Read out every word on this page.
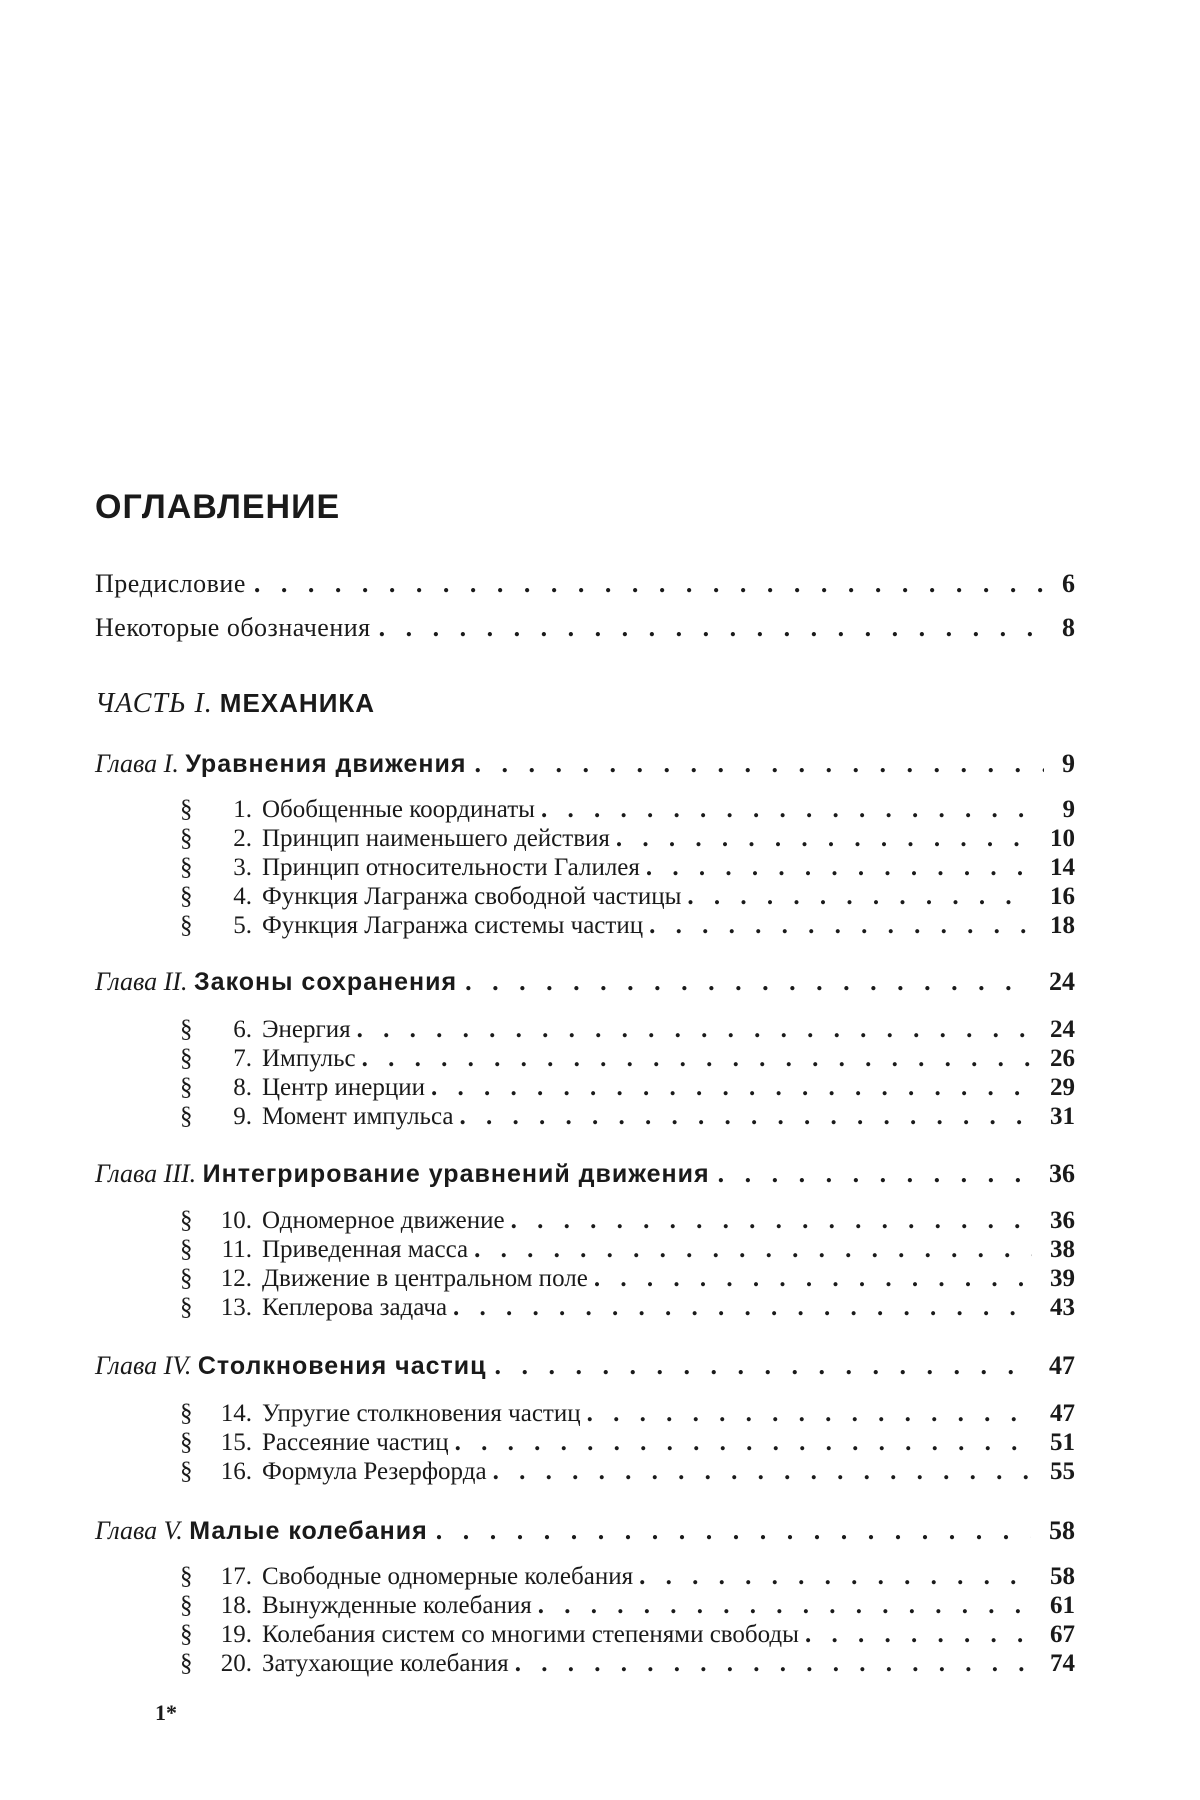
ОГЛАВЛЕНИЕ
Предисловие . . .	6
Некоторые обозначения . . .	8
ЧАСТЬ I. МЕХАНИКА
Глава I. Уравнения движения . . .	9
§ 1. Обобщенные координаты . . .	9
§ 2. Принцип наименьшего действия . . .	10
§ 3. Принцип относительности Галилея . . .	14
§ 4. Функция Лагранжа свободной частицы . . .	16
§ 5. Функция Лагранжа системы частиц . . .	18
Глава II. Законы сохранения . . .	24
§ 6. Энергия . . .	24
§ 7. Импульс . . .	26
§ 8. Центр инерции . . .	29
§ 9. Момент импульса . . .	31
Глава III. Интегрирование уравнений движения . . .	36
§ 10. Одномерное движение . . .	36
§ 11. Приведенная масса . . .	38
§ 12. Движение в центральном поле . . .	39
§ 13. Кеплерова задача . . .	43
Глава IV. Столкновения частиц . . .	47
§ 14. Упругие столкновения частиц . . .	47
§ 15. Рассеяние частиц . . .	51
§ 16. Формула Резерфорда . . .	55
Глава V. Малые колебания . . .	58
§ 17. Свободные одномерные колебания . . .	58
§ 18. Вынужденные колебания . . .	61
§ 19. Колебания систем со многими степенями свободы . . .	67
§ 20. Затухающие колебания . . .	74
1*
